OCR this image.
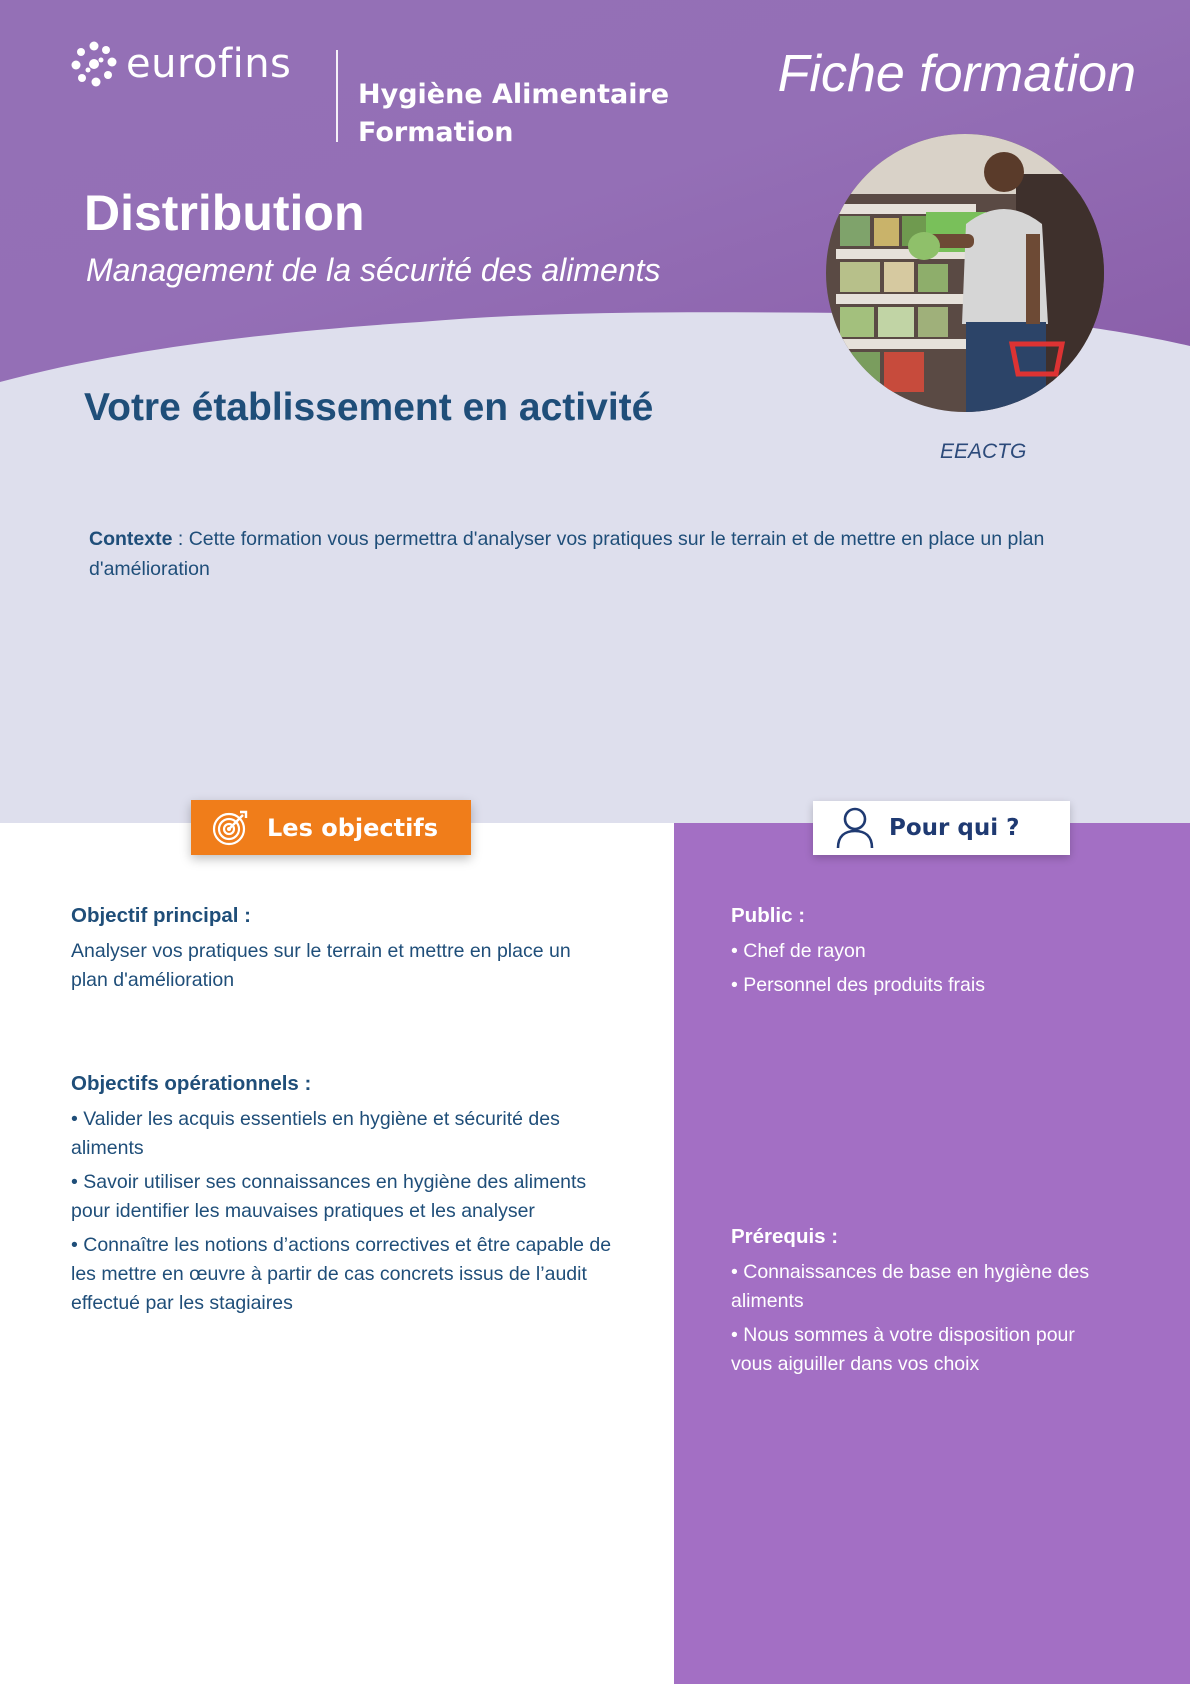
eurofins
Hygiène Alimentaire
Formation
Fiche formation
Distribution
Management de la sécurité des aliments
EEACTG
Votre établissement en activité
Contexte : Cette formation vous permettra d'analyser vos pratiques sur le terrain et de mettre en place un plan d'amélioration
Les objectifs	Pour qui ?
Objectif principal :

Analyser vos pratiques sur le terrain et mettre en place un plan d'amélioration

Objectifs opérationnels :

• Valider les acquis essentiels en hygiène et sécurité des aliments

• Savoir utiliser ses connaissances en hygiène des aliments pour identifier les mauvaises pratiques et les analyser

• Connaître les notions d’actions correctives et être capable de les mettre en œuvre à partir de cas concrets issus de l’audit effectué par les stagiaires

Public :

• Chef de rayon

• Personnel des produits frais

Prérequis :

• Connaissances de base en hygiène des aliments

• Nous sommes à votre disposition pour vous aiguiller dans vos choix
